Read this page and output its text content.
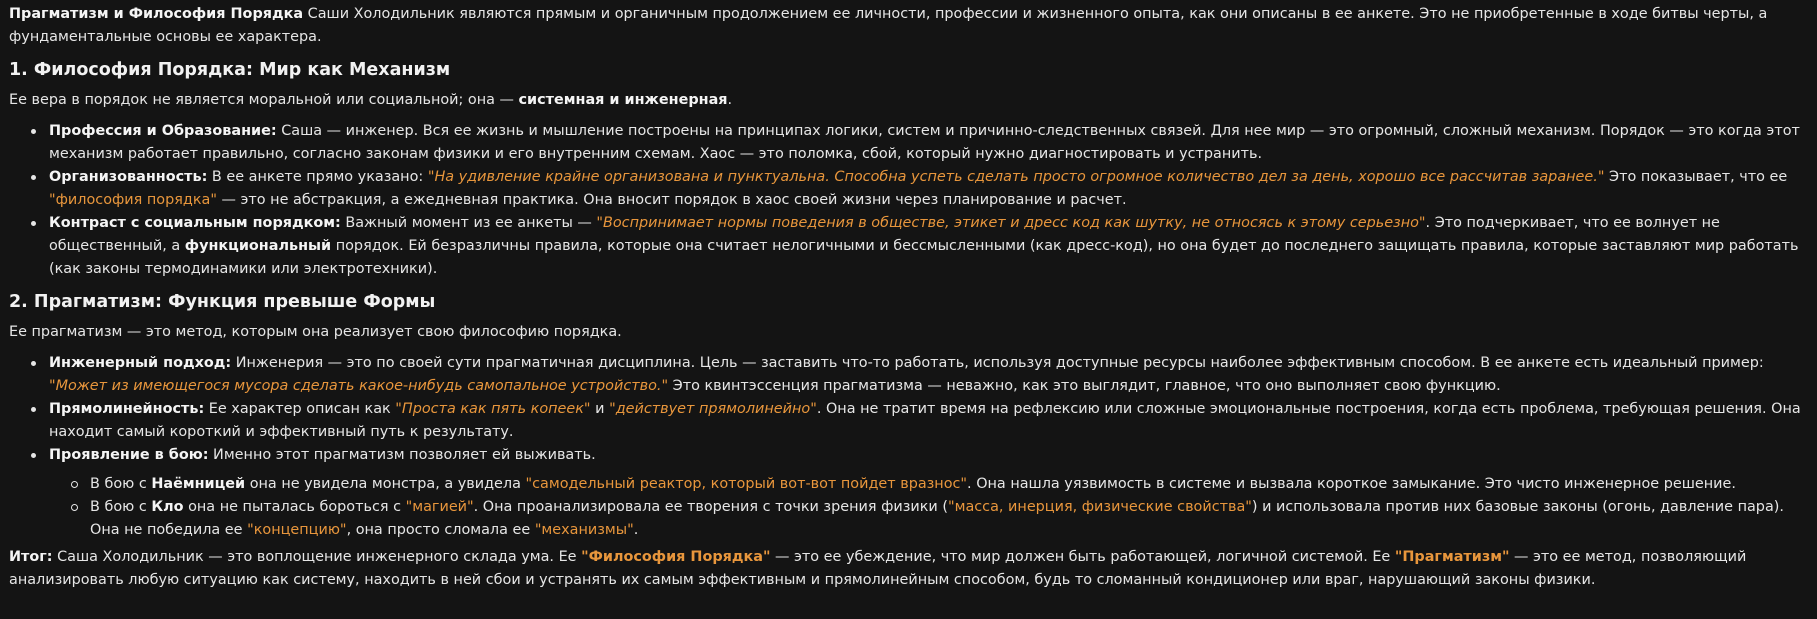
Прагматизм и Философия Порядка Саши Холодильник являются прямым и органичным продолжением ее личности, профессии и жизненного опыта, как они описаны в ее анкете. Это не приобретенные в ходе битвы черты, а фундаментальные основы ее характера.

1. Философия Порядка: Мир как Механизм

Ее вера в порядок не является моральной или социальной; она — системная и инженерная.

Профессия и Образование: Саша — инженер. Вся ее жизнь и мышление построены на принципах логики, систем и причинно-следственных связей. Для нее мир — это огромный, сложный механизм. Порядок — это когда этот механизм работает правильно, согласно законам физики и его внутренним схемам. Хаос — это поломка, сбой, который нужно диагностировать и устранить.
Организованность: В ее анкете прямо указано: "На удивление крайне организована и пунктуальна. Способна успеть сделать просто огромное количество дел за день, хорошо все рассчитав заранее." Это показывает, что ее "философия порядка" — это не абстракция, а ежедневная практика. Она вносит порядок в хаос своей жизни через планирование и расчет.
Контраст с социальным порядком: Важный момент из ее анкеты — "Воспринимает нормы поведения в обществе, этикет и дресс код как шутку, не относясь к этому серьезно". Это подчеркивает, что ее волнует не общественный, а функциональный порядок. Ей безразличны правила, которые она считает нелогичными и бессмысленными (как дресс-код), но она будет до последнего защищать правила, которые заставляют мир работать (как законы термодинамики или электротехники).
2. Прагматизм: Функция превыше Формы

Ее прагматизм — это метод, которым она реализует свою философию порядка.

Инженерный подход: Инженерия — это по своей сути прагматичная дисциплина. Цель — заставить что-то работать, используя доступные ресурсы наиболее эффективным способом. В ее анкете есть идеальный пример: "Может из имеющегося мусора сделать какое-нибудь самопальное устройство." Это квинтэссенция прагматизма — неважно, как это выглядит, главное, что оно выполняет свою функцию.
Прямолинейность: Ее характер описан как "Проста как пять копеек" и "действует прямолинейно". Она не тратит время на рефлексию или сложные эмоциональные построения, когда есть проблема, требующая решения. Она находит самый короткий и эффективный путь к результату.
Проявление в бою: Именно этот прагматизм позволяет ей выживать.
В бою с Наёмницей она не увидела монстра, а увидела "самодельный реактор, который вот-вот пойдет вразнос". Она нашла уязвимость в системе и вызвала короткое замыкание. Это чисто инженерное решение.
В бою с Кло она не пыталась бороться с "магией". Она проанализировала ее творения с точки зрения физики ("масса, инерция, физические свойства") и использовала против них базовые законы (огонь, давление пара). Она не победила ее "концепцию", она просто сломала ее "механизмы".

Итог: Саша Холодильник — это воплощение инженерного склада ума. Ее "Философия Порядка" — это ее убеждение, что мир должен быть работающей, логичной системой. Ее "Прагматизм" — это ее метод, позволяющий анализировать любую ситуацию как систему, находить в ней сбои и устранять их самым эффективным и прямолинейным способом, будь то сломанный кондиционер или враг, нарушающий законы физики.
